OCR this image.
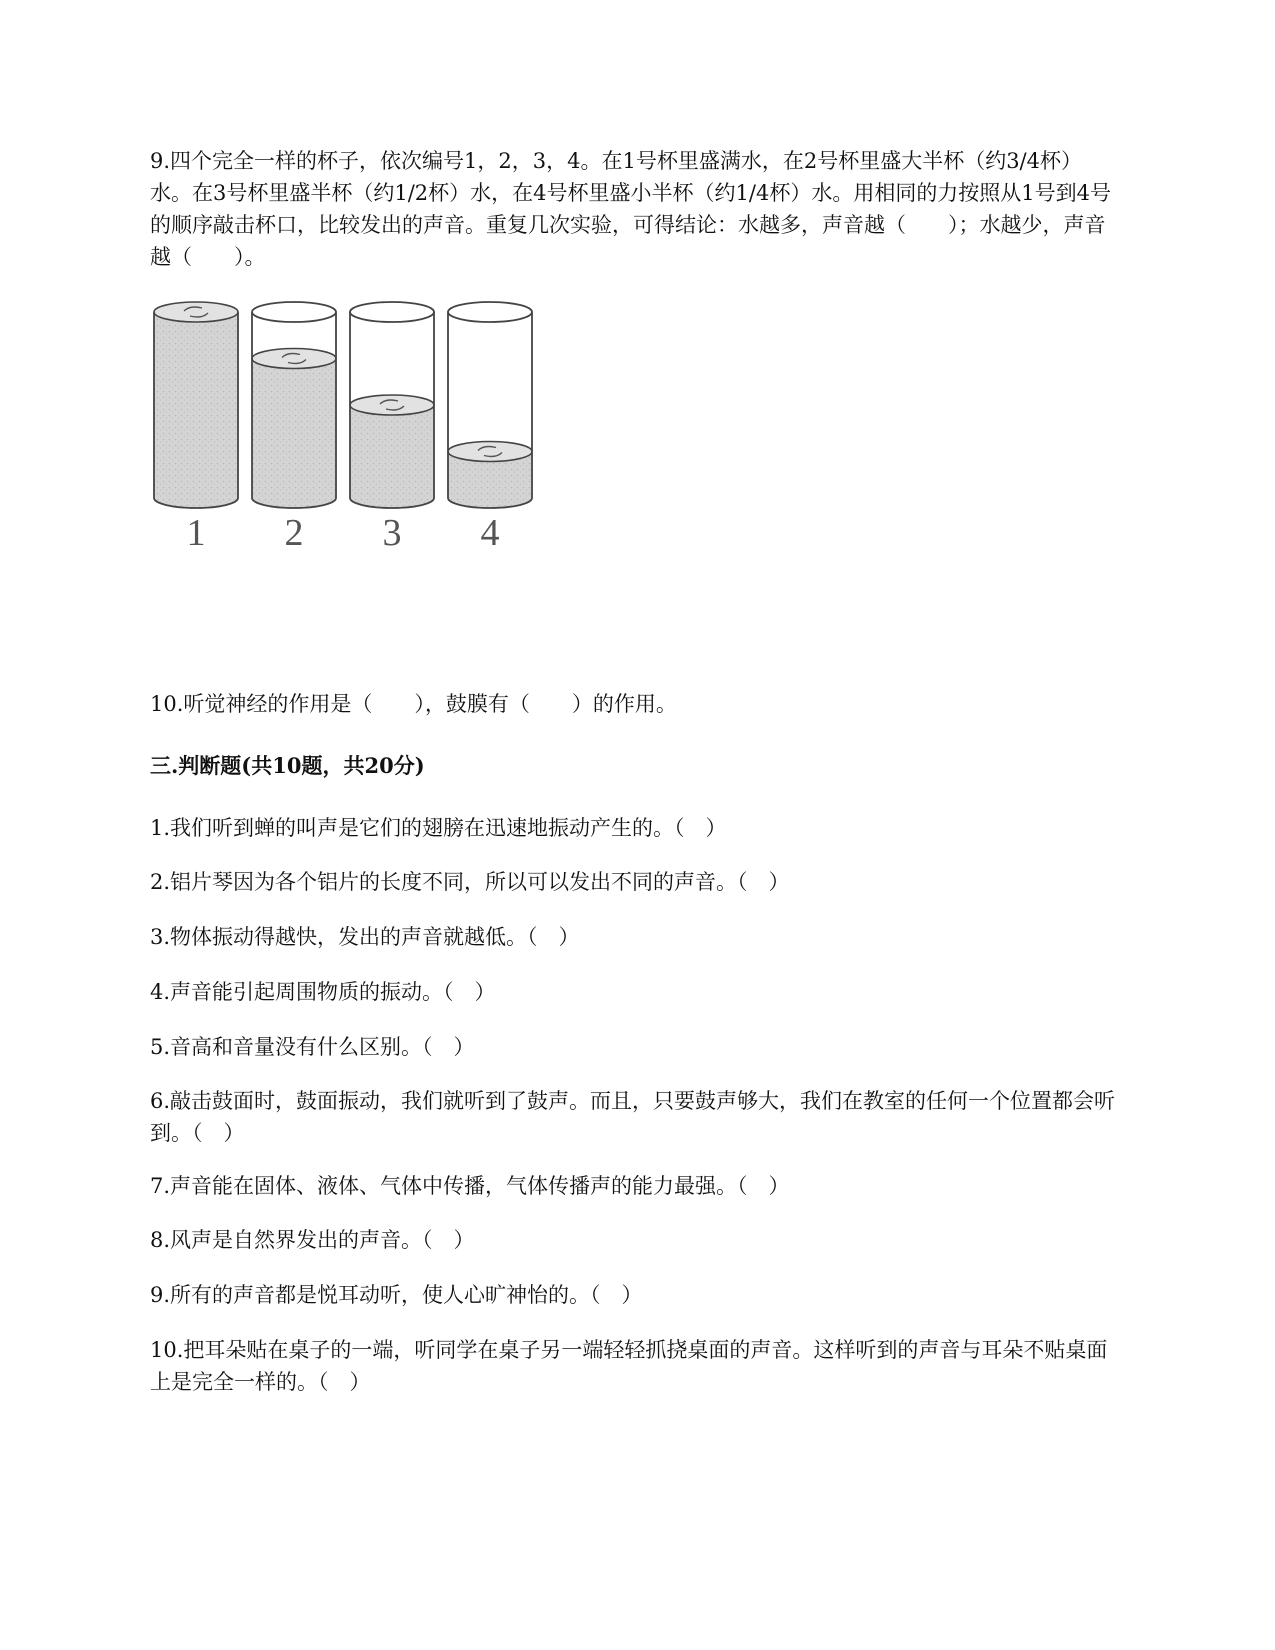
9.四个完全一样的杯子，依次编号1，2，3，4。在1号杯里盛满水，在2号杯里盛大半杯（约3/4杯）水。在3号杯里盛半杯（约1/2杯）水，在4号杯里盛小半杯（约1/4杯）水。用相同的力按照从1号到4号的顺序敲击杯口，比较发出的声音。重复几次实验，可得结论：水越多，声音越（　　）；水越少，声音越（　　）。
1 2 3 4
10.听觉神经的作用是（　　），鼓膜有（　　）的作用。
三.判断题(共10题，共20分)
1.我们听到蝉的叫声是它们的翅膀在迅速地振动产生的。（　）
2.铝片琴因为各个铝片的长度不同，所以可以发出不同的声音。（　）
3.物体振动得越快，发出的声音就越低。（　）
4.声音能引起周围物质的振动。（　）
5.音高和音量没有什么区别。（　）
6.敲击鼓面时，鼓面振动，我们就听到了鼓声。而且，只要鼓声够大，我们在教室的任何一个位置都会听到。（　）
7.声音能在固体、液体、气体中传播，气体传播声的能力最强。（　）
8.风声是自然界发出的声音。（　）
9.所有的声音都是悦耳动听，使人心旷神怡的。（　）
10.把耳朵贴在桌子的一端，听同学在桌子另一端轻轻抓挠桌面的声音。这样听到的声音与耳朵不贴桌面上是完全一样的。（　）
